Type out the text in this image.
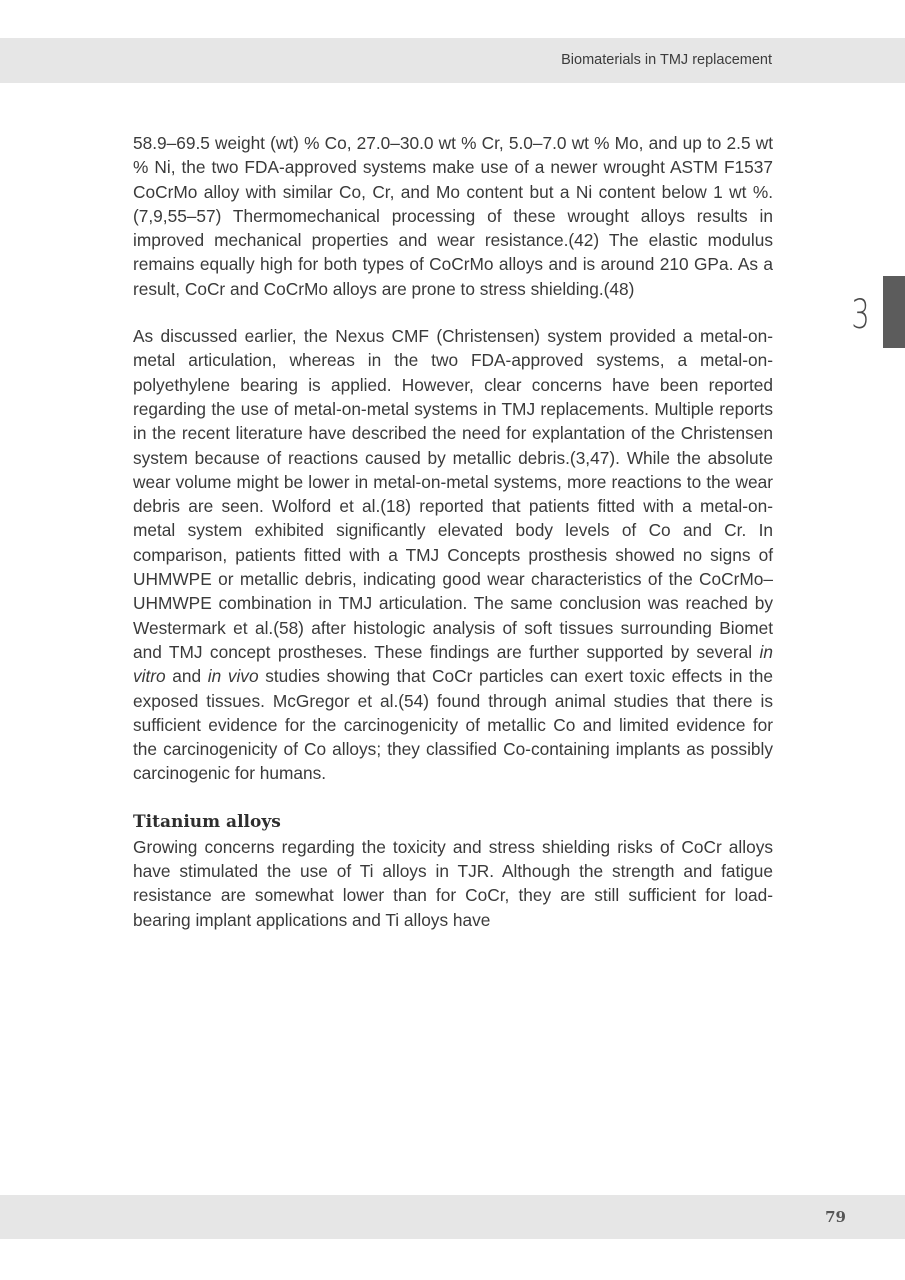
Biomaterials in TMJ replacement
3

58.9–69.5 weight (wt) % Co, 27.0–30.0 wt % Cr, 5.0–7.0 wt % Mo, and up to 2.5 wt % Ni, the two FDA-approved systems make use of a newer wrought ASTM F1537 CoCrMo alloy with similar Co, Cr, and Mo content but a Ni content below 1 wt %.(7,9,55–57) Thermomechanical processing of these wrought alloys results in improved mechanical properties and wear resistance.(42) The elastic modulus remains equally high for both types of CoCrMo alloys and is around 210 GPa. As a result, CoCr and CoCrMo alloys are prone to stress shielding.(48)

As discussed earlier, the Nexus CMF (Christensen) system provided a metal-on-metal articulation, whereas in the two FDA-approved systems, a metal-on-polyethylene bearing is applied. However, clear concerns have been reported regarding the use of metal-on-metal systems in TMJ replacements. Multiple reports in the recent literature have described the need for explantation of the Christensen system because of reactions caused by metallic debris.(3,47). While the absolute wear volume might be lower in metal-on-metal systems, more reactions to the wear debris are seen. Wolford et al.(18) reported that patients fitted with a metal-on-metal system exhibited significantly elevated body levels of Co and Cr. In comparison, patients fitted with a TMJ Concepts prosthesis showed no signs of UHMWPE or metallic debris, indicating good wear characteristics of the CoCrMo–UHMWPE combination in TMJ articulation. The same conclusion was reached by Westermark et al.(58) after histologic analysis of soft tissues surrounding Biomet and TMJ concept prostheses. These findings are further supported by several in vitro and in vivo studies showing that CoCr particles can exert toxic effects in the exposed tissues. McGregor et al.(54) found through animal studies that there is sufficient evidence for the carcinogenicity of metallic Co and limited evidence for the carcinogenicity of Co alloys; they classified Co-containing implants as possibly carcinogenic for humans.

Titanium alloys

Growing concerns regarding the toxicity and stress shielding risks of CoCr alloys have stimulated the use of Ti alloys in TJR. Although the strength and fatigue resistance are somewhat lower than for CoCr, they are still sufficient for load-bearing implant applications and Ti alloys have

79
